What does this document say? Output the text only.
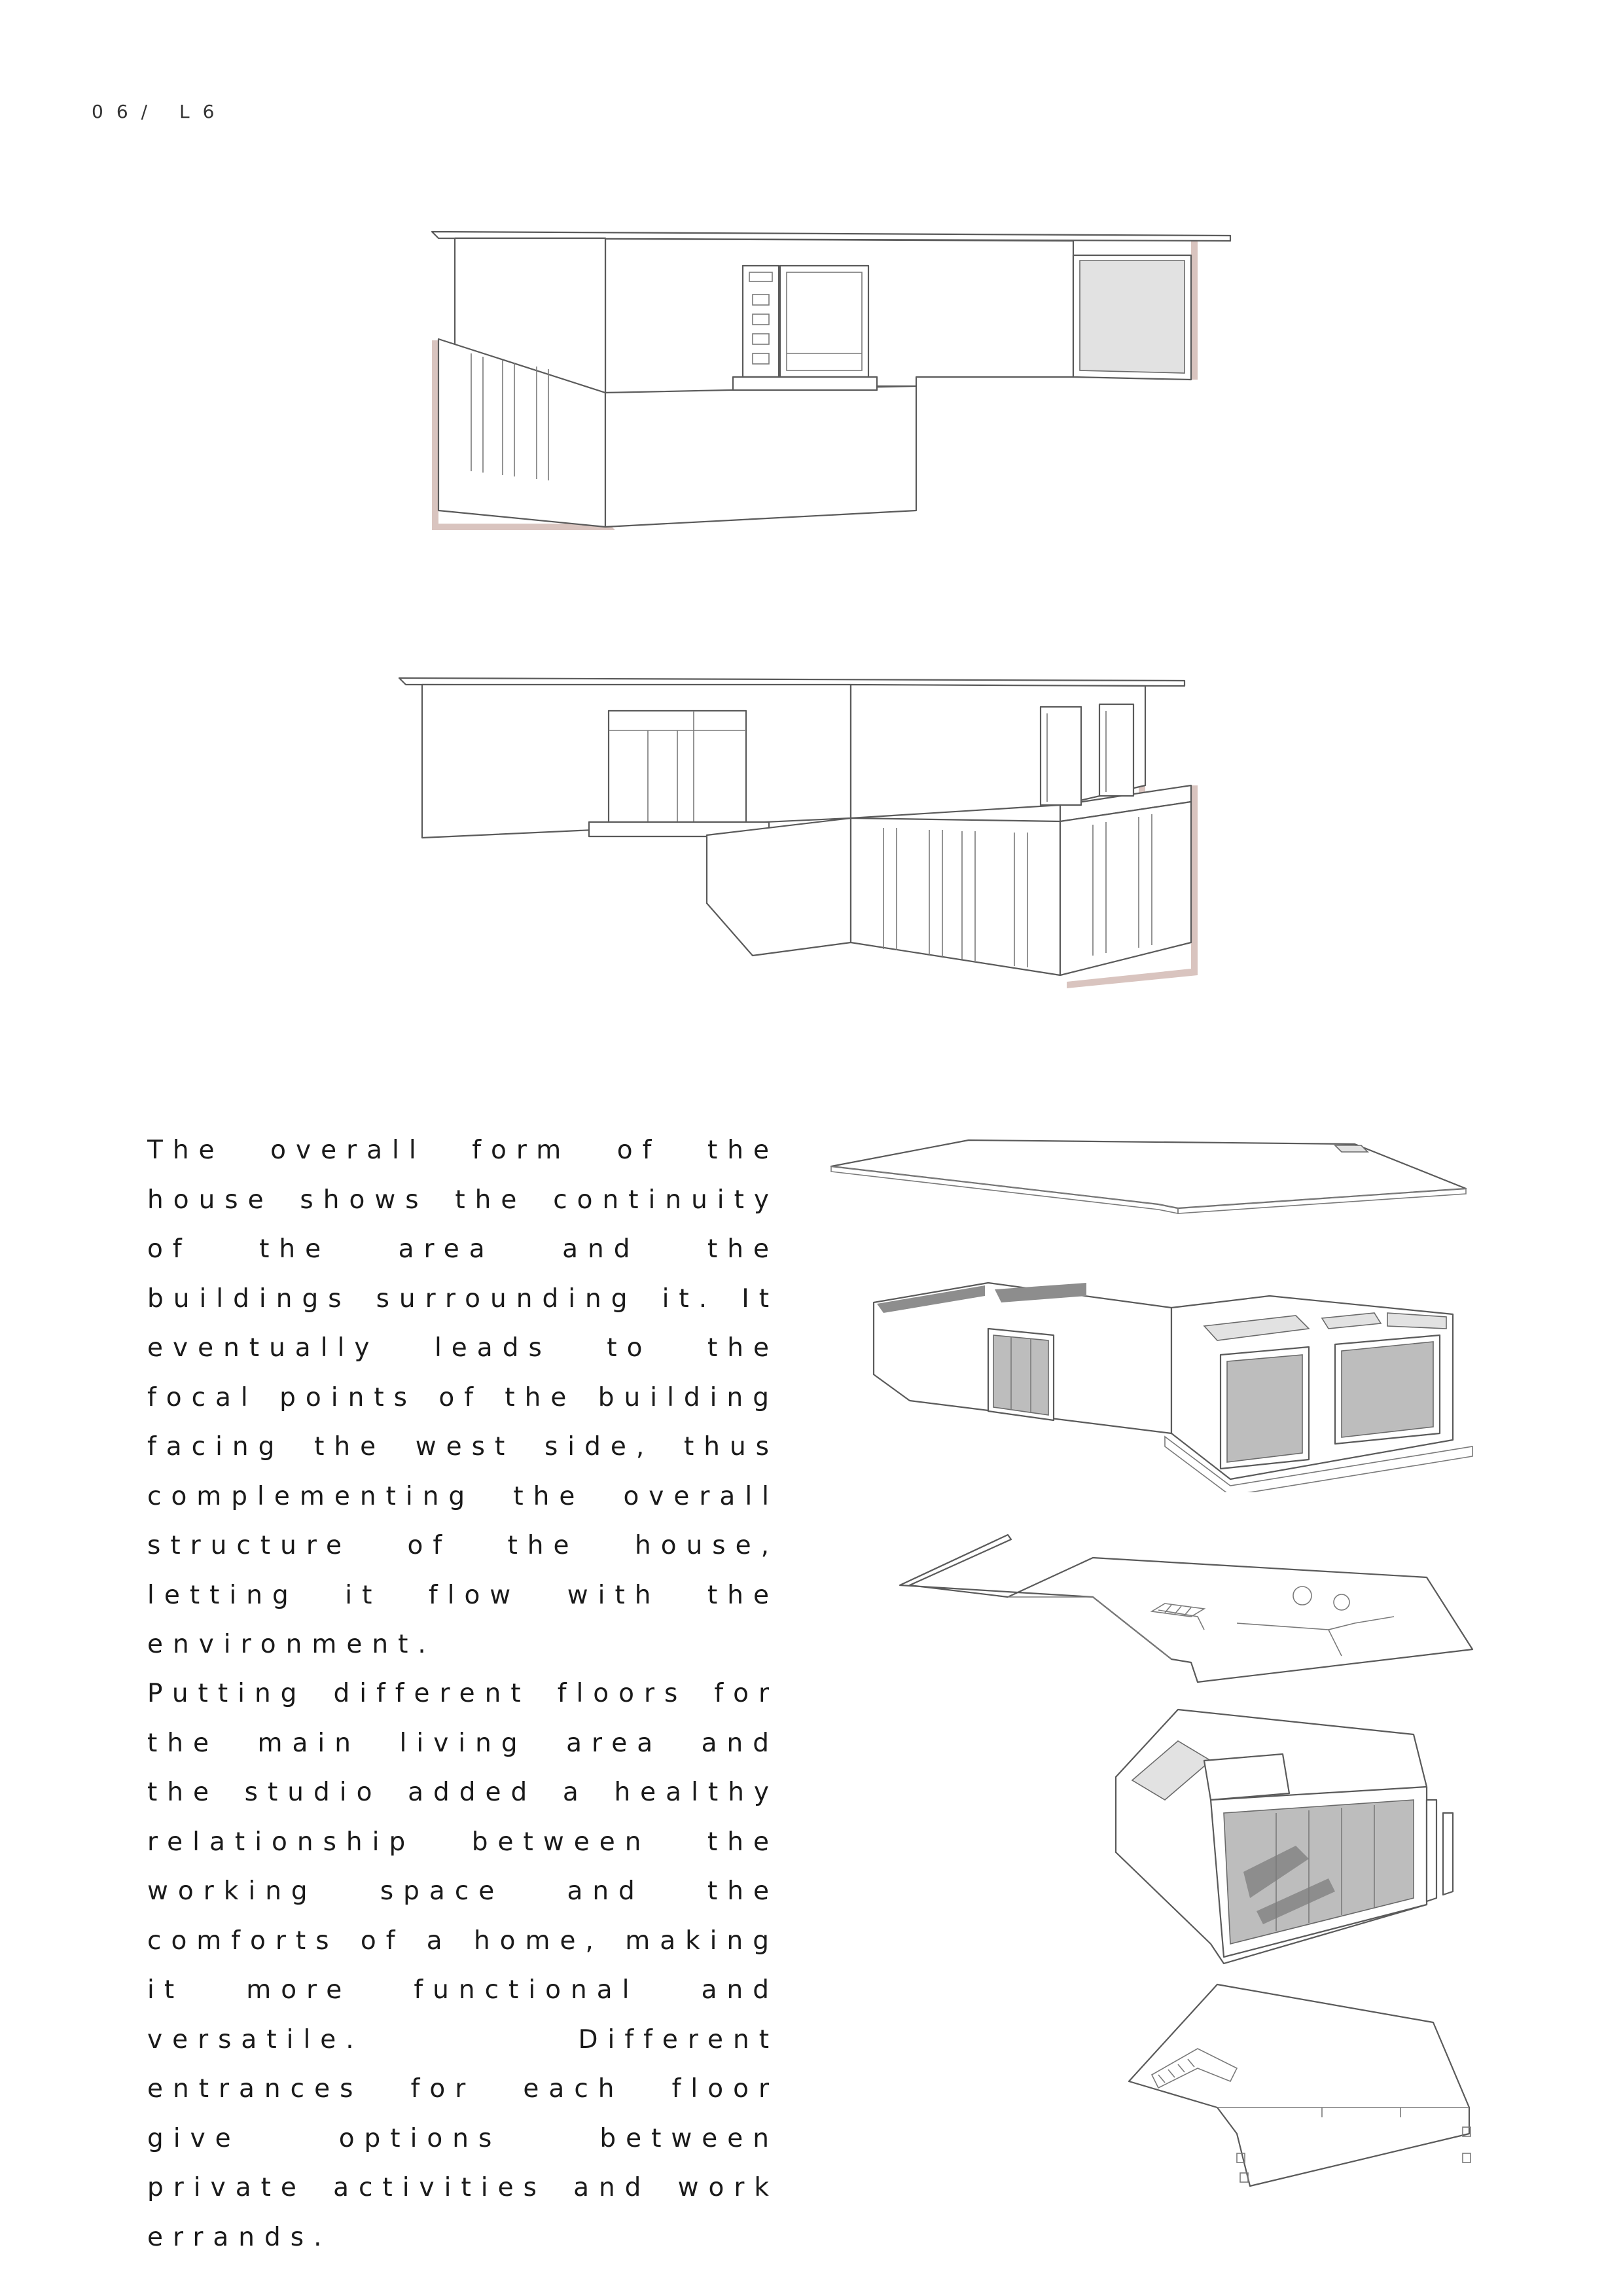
06/ L6

The overall form of the house shows the continuity of the area and the buildings surrounding it. It eventually leads to the focal points of the building facing the west side, thus complementing the overall structure of the house, letting it flow with the environment.

Putting different floors for the main living area and the studio added a healthy relationship between the working space and the comforts of a home, making it more functional and versatile. Different entrances for each floor give options between private activities and work errands.
